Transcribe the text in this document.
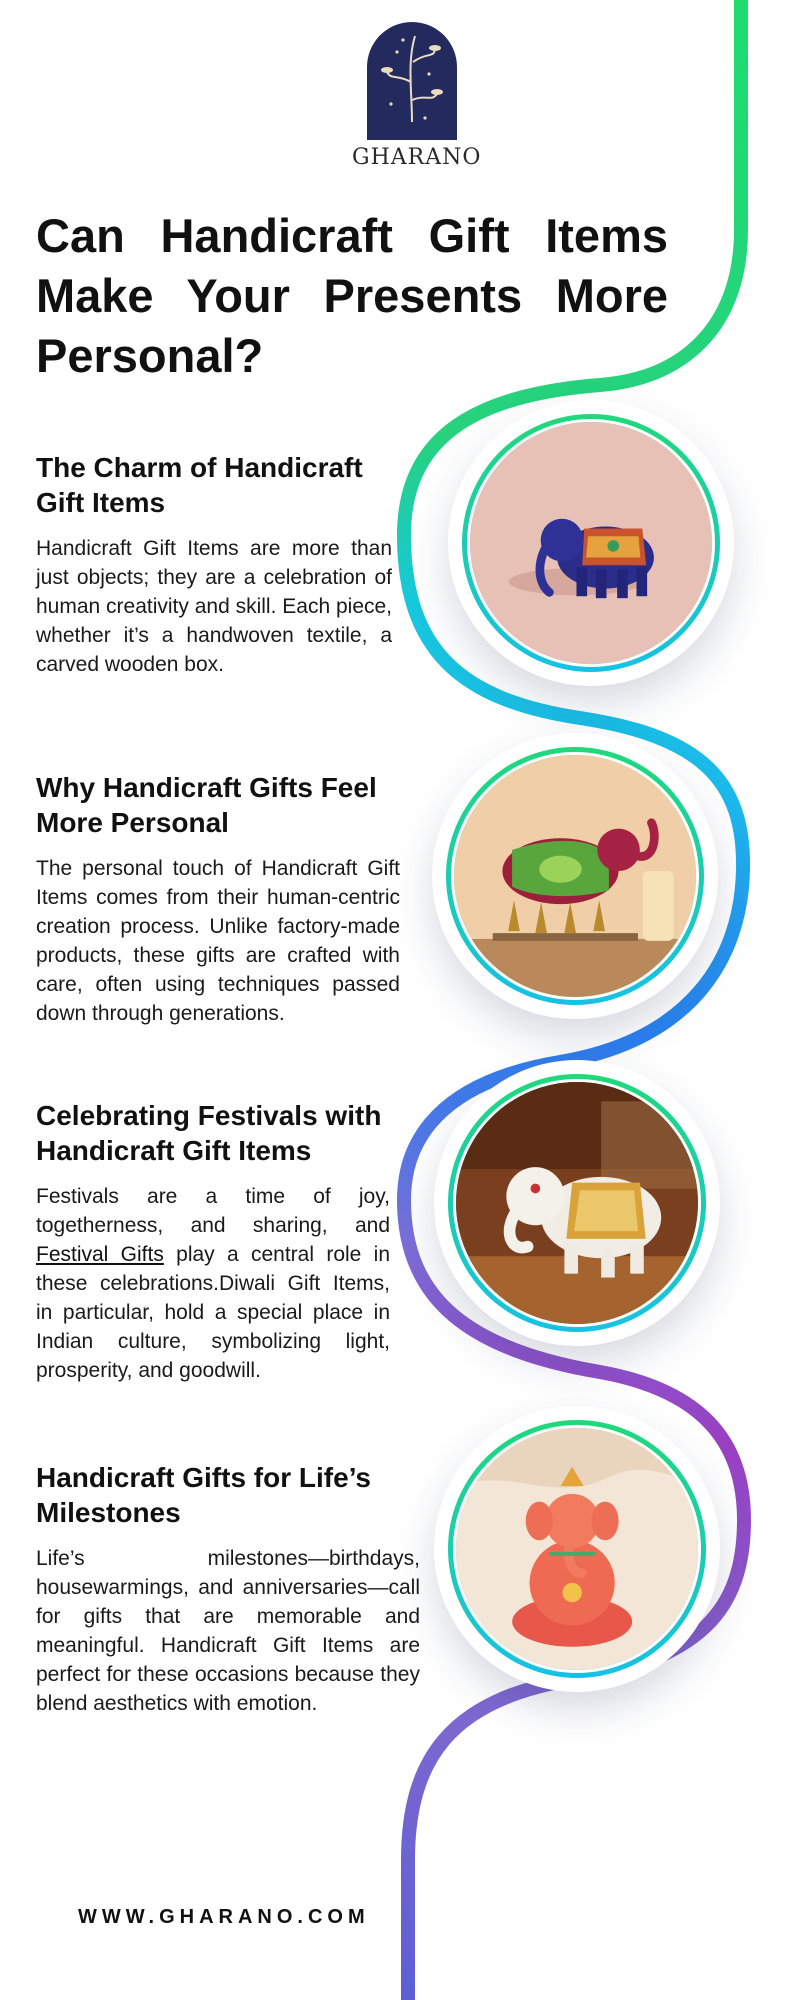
GHARANO
Can Handicraft Gift Items Make Your Presents More Personal?
The Charm of Handicraft Gift Items

Handicraft Gift Items are more than just objects; they are a celebration of human creativity and skill. Each piece, whether it’s a handwoven textile, a carved wooden box.

Why Handicraft Gifts Feel More Personal

The personal touch of Handicraft Gift Items comes from their human-centric creation process. Unlike factory-made products, these gifts are crafted with care, often using techniques passed down through generations.

Celebrating Festivals with Handicraft Gift Items

Festivals are a time of joy, togetherness, and sharing, and Festival Gifts play a central role in these celebrations.Diwali Gift Items, in particular, hold a special place in Indian culture, symbolizing light, prosperity, and goodwill.

Handicraft Gifts for Life’s Milestones

Life’s milestones—birthdays, housewarmings, and anniversaries—call for gifts that are memorable and meaningful. Handicraft Gift Items are perfect for these occasions because they blend aesthetics with emotion.

WWW.GHARANO.COM
